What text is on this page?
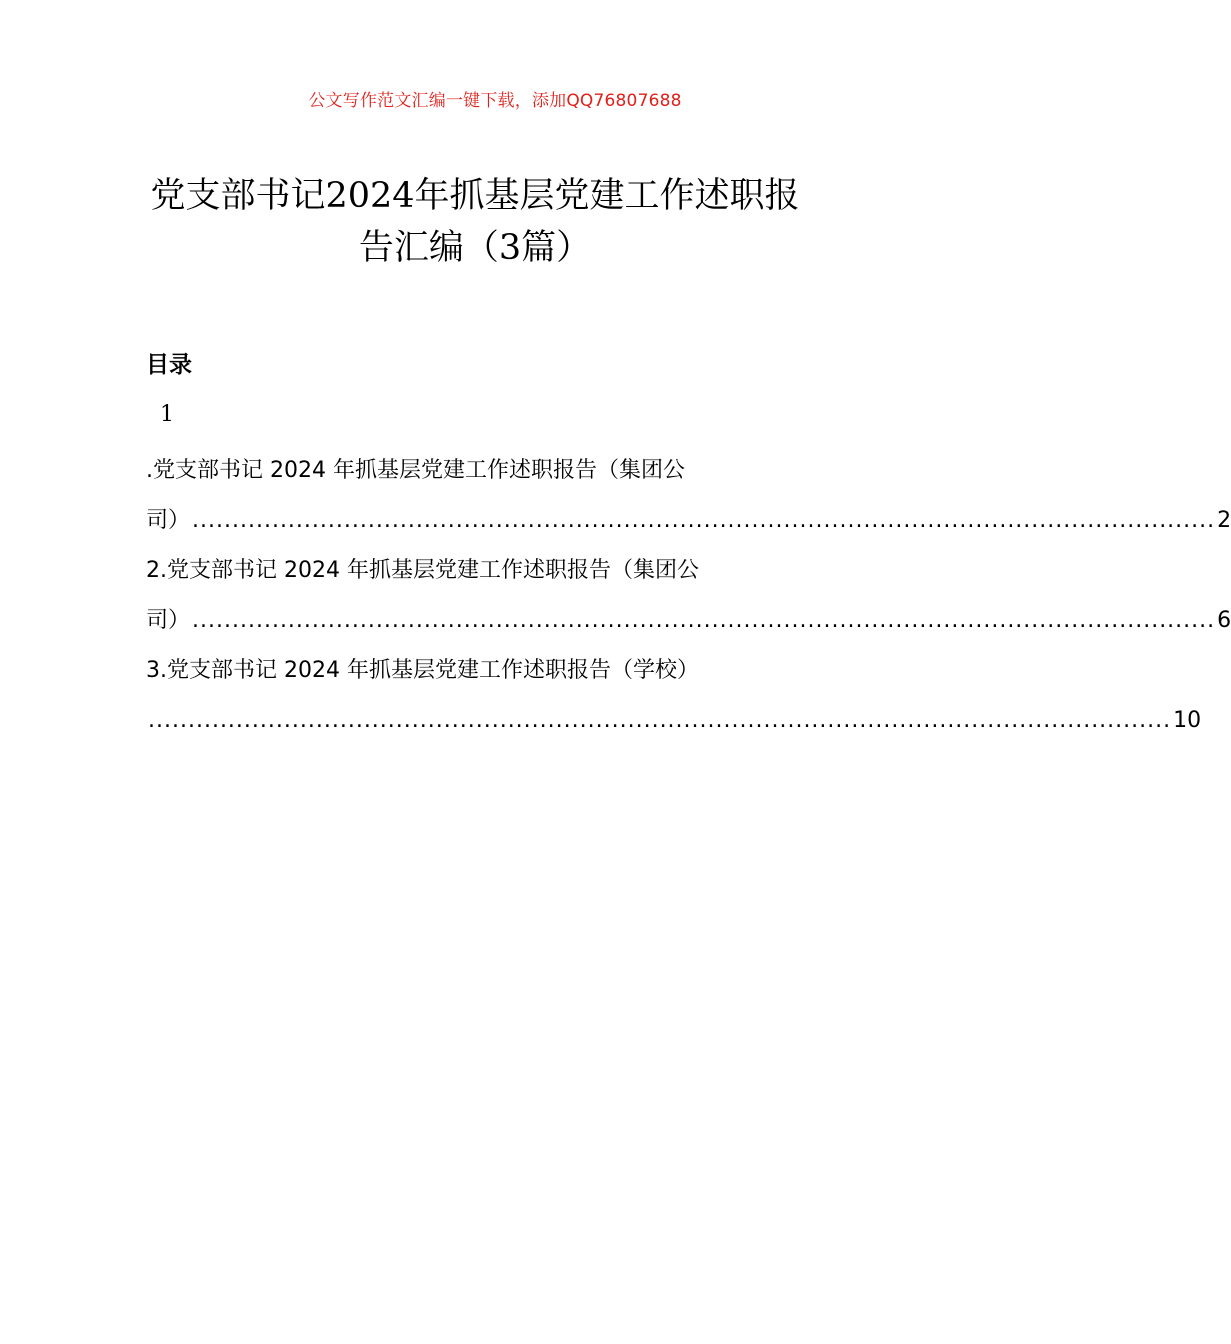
公文写作范文汇编一键下载，添加QQ76807688
党支部书记2024年抓基层党建工作述职报告汇编（3篇）
目录
1
.党支部书记 2024 年抓基层党建工作述职报告（集团公
司） ................................................................................................................................ 2
2.党支部书记 2024 年抓基层党建工作述职报告（集团公
司） ................................................................................................................................ 6
3.党支部书记 2024 年抓基层党建工作述职报告（学校）
................................................................................................................................ 10
